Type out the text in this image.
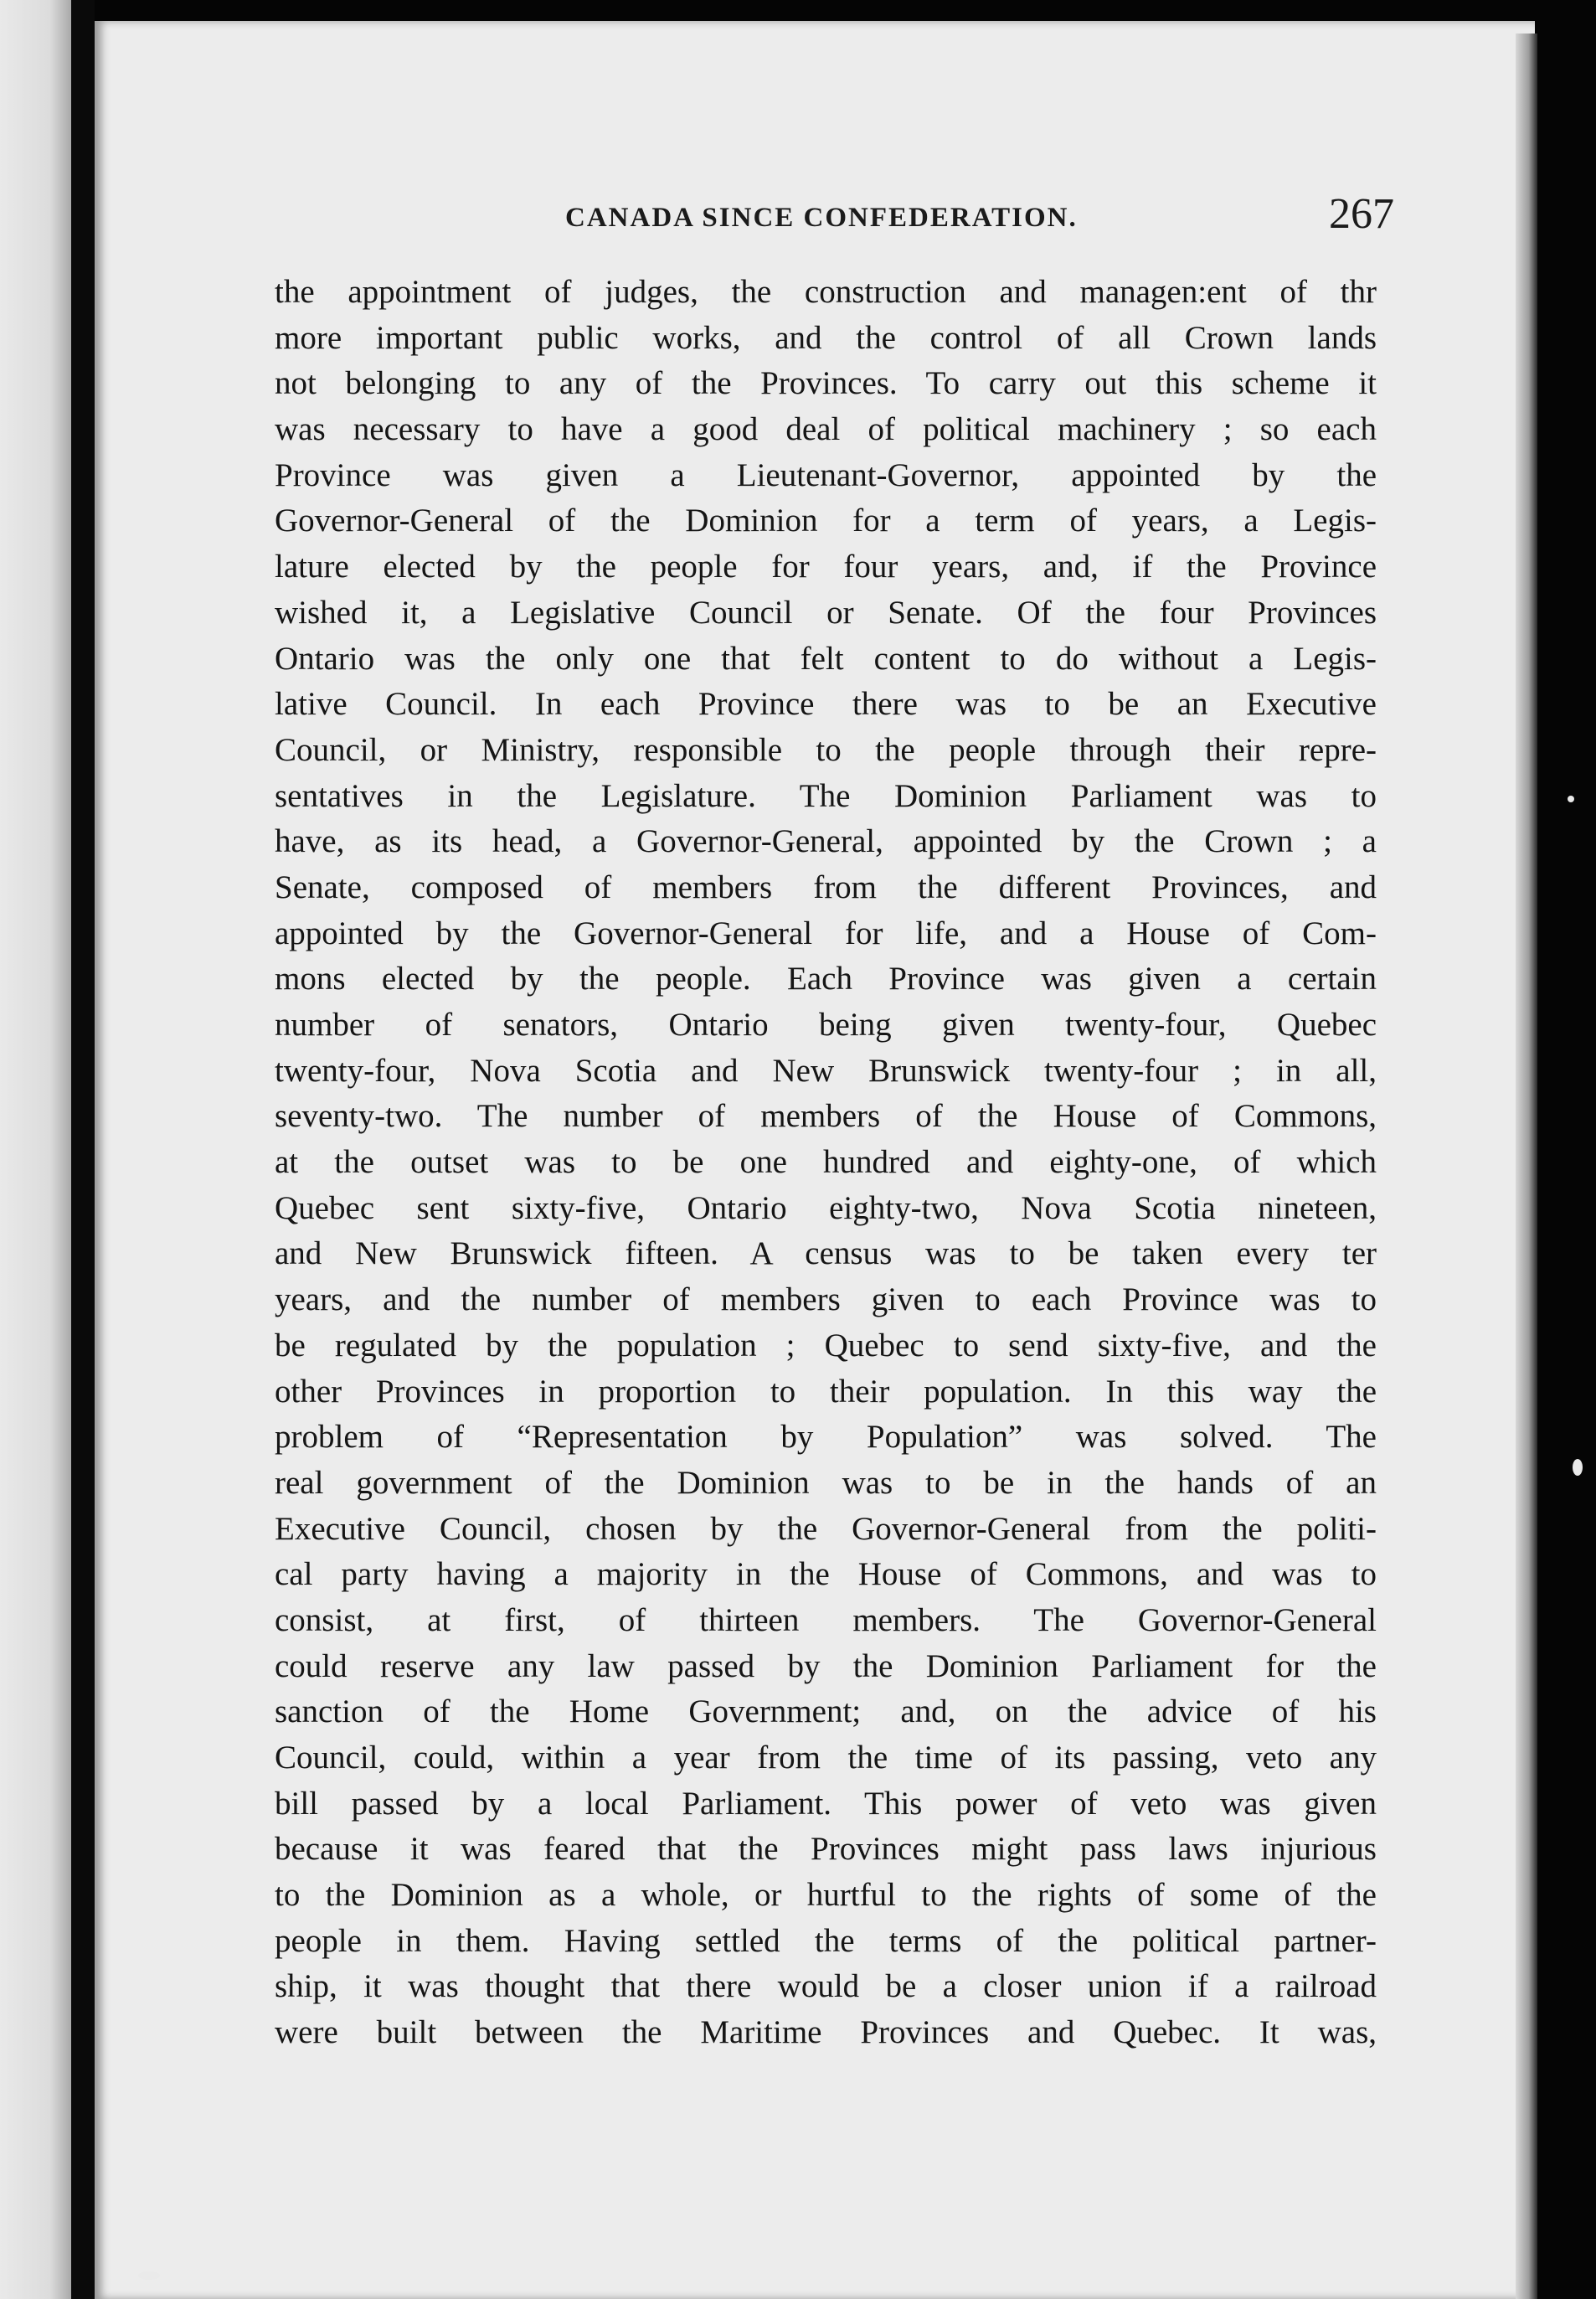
CANADA SINCE CONFEDERATION.	267
the appointment of judges, the construction and managen:ent of thr
more important public works, and the control of all Crown lands
not belonging to any of the Provinces. To carry out this scheme it
was necessary to have a good deal of political machinery ; so each
Province was given a Lieutenant-Governor, appointed by the
Governor-General of the Dominion for a term of years, a Legis-
lature elected by the people for four years, and, if the Province
wished it, a Legislative Council or Senate. Of the four Provinces
Ontario was the only one that felt content to do without a Legis-
lative Council. In each Province there was to be an Executive
Council, or Ministry, responsible to the people through their repre-
sentatives in the Legislature. The Dominion Parliament was to
have, as its head, a Governor-General, appointed by the Crown ; a
Senate, composed of members from the different Provinces, and
appointed by the Governor-General for life, and a House of Com-
mons elected by the people. Each Province was given a certain
number of senators, Ontario being given twenty-four, Quebec
twenty-four, Nova Scotia and New Brunswick twenty-four ; in all,
seventy-two. The number of members of the House of Commons,
at the outset was to be one hundred and eighty-one, of which
Quebec sent sixty-five, Ontario eighty-two, Nova Scotia nineteen,
and New Brunswick fifteen. A census was to be taken every ter
years, and the number of members given to each Province was to
be regulated by the population ; Quebec to send sixty-five, and the
other Provinces in proportion to their population. In this way the
problem of “Representation by Population” was solved. The
real government of the Dominion was to be in the hands of an
Executive Council, chosen by the Governor-General from the politi-
cal party having a majority in the House of Commons, and was to
consist, at first, of thirteen members. The Governor-General
could reserve any law passed by the Dominion Parliament for the
sanction of the Home Government; and, on the advice of his
Council, could, within a year from the time of its passing, veto any
bill passed by a local Parliament. This power of veto was given
because it was feared that the Provinces might pass laws injurious
to the Dominion as a whole, or hurtful to the rights of some of the
people in them. Having settled the terms of the political partner-
ship, it was thought that there would be a closer union if a railroad
were built between the Maritime Provinces and Quebec. It was,
